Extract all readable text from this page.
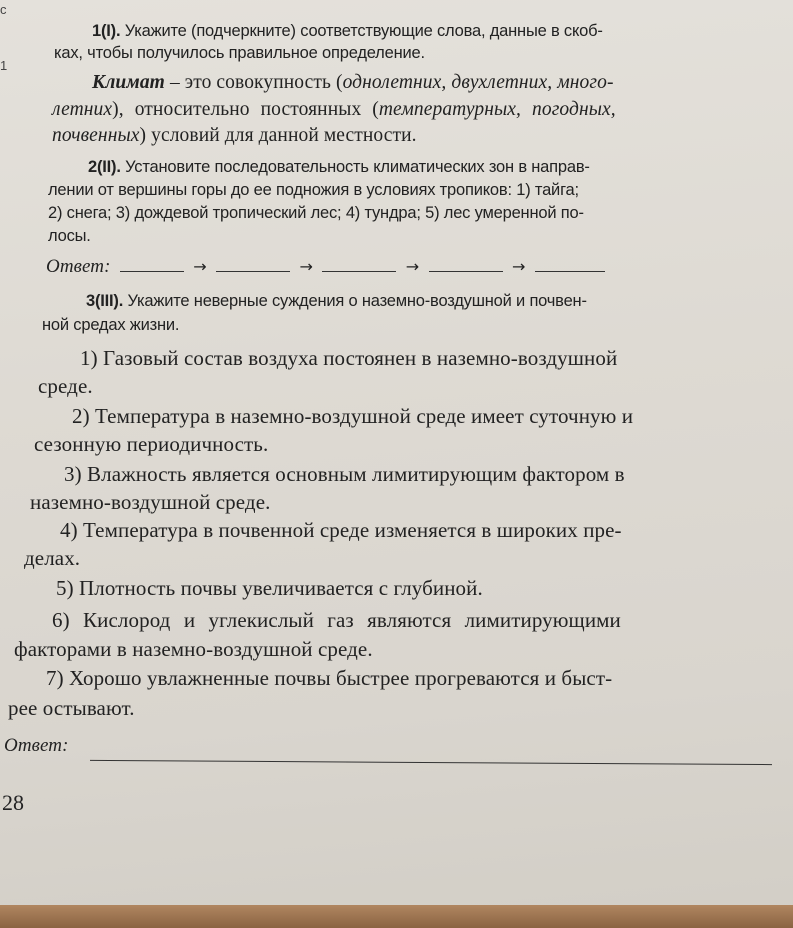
с
1
1(I). Укажите (подчеркните) соответствующие слова, данные в скоб-
ках, чтобы получилось правильное определение.
Климат – это совокупность (однолетних, двухлетних, много-
летних), относительно постоянных (температурных, погодных,
почвенных) условий для данной местности.
2(II). Установите последовательность климатических зон в направ-
лении от вершины горы до ее подножия в условиях тропиков: 1) тайга;
2) снега; 3) дождевой тропический лес; 4) тундра; 5) лес умеренной по-
лосы.
Ответ:	→	→	→	→
3(III). Укажите неверные суждения о наземно-воздушной и почвен-
ной средах жизни.
1) Газовый состав воздуха постоянен в наземно-воздушной
среде.
2) Температура в наземно-воздушной среде имеет суточную и
сезонную периодичность.
3) Влажность является основным лимитирующим фактором в
наземно-воздушной среде.
4) Температура в почвенной среде изменяется в широких пре-
делах.
5) Плотность почвы увеличивается с глубиной.
6) Кислород и углекислый газ являются лимитирующими
факторами в наземно-воздушной среде.
7) Хорошо увлажненные почвы быстрее прогреваются и быст-
рее остывают.
Ответ:
28
